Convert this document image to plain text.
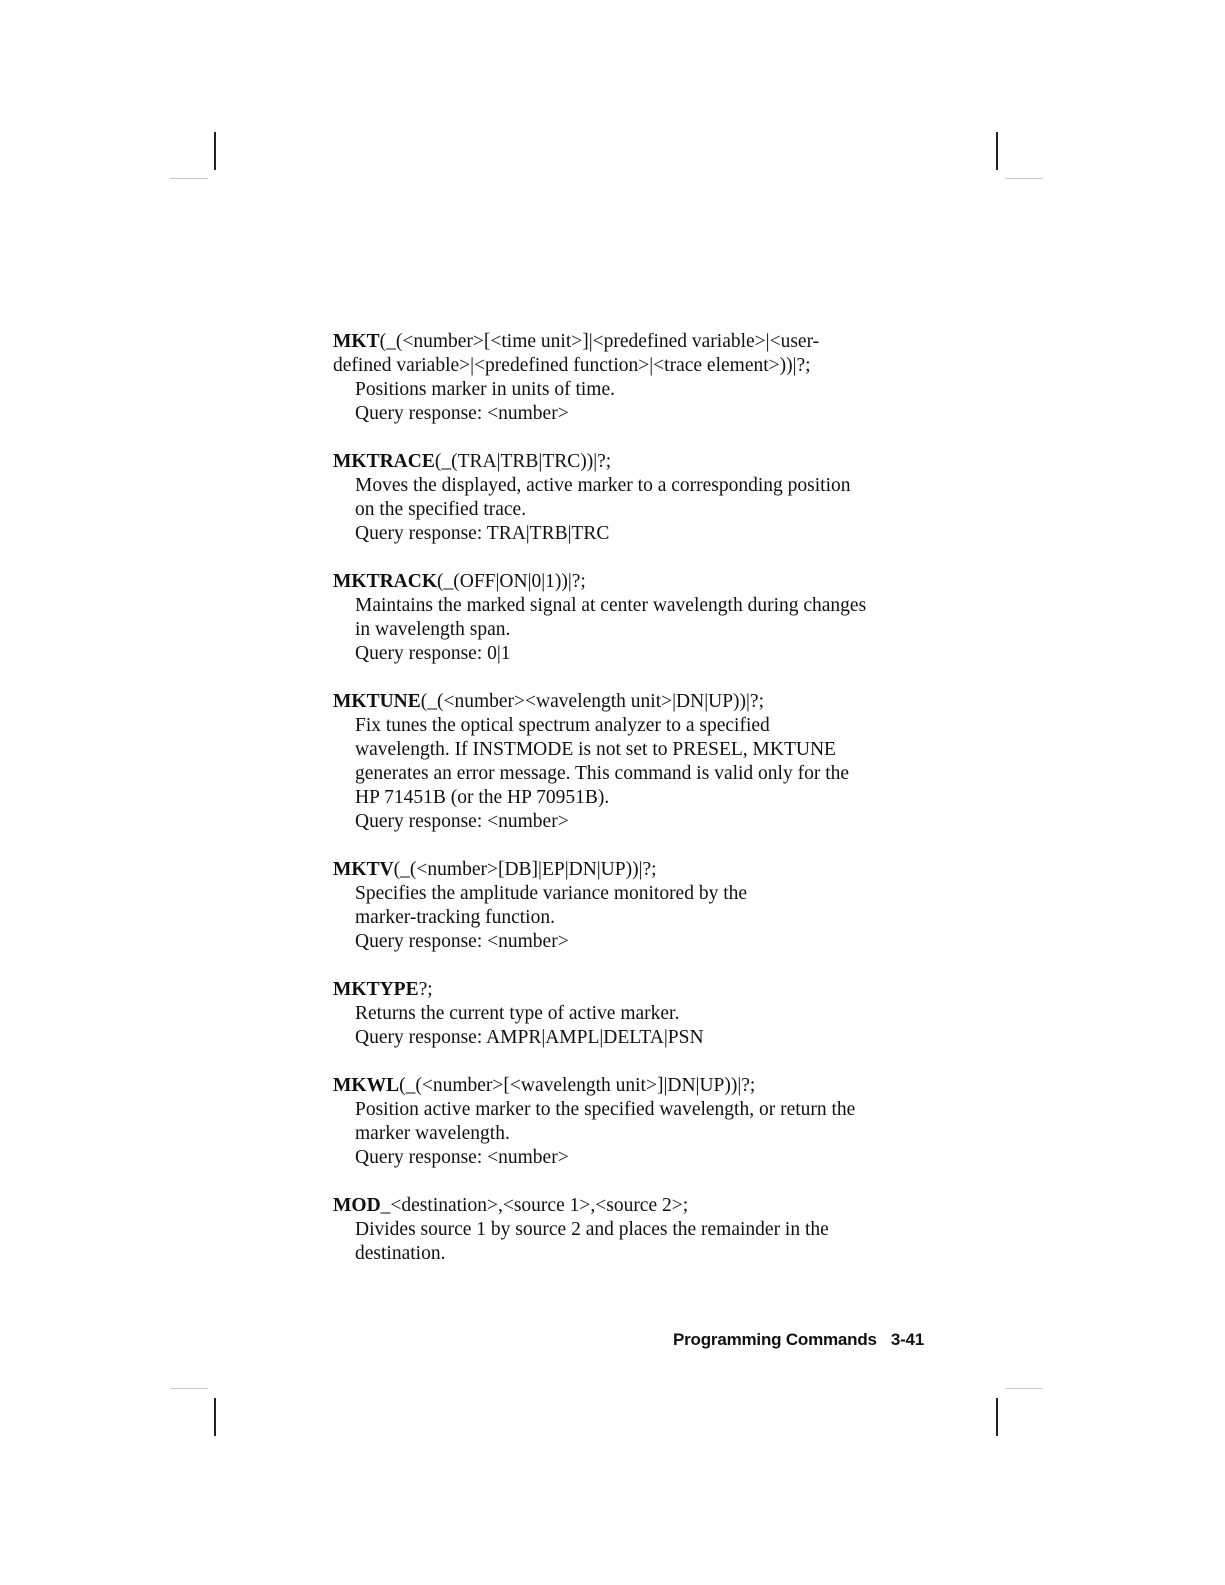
MKT(_(<number>[<time unit>]|<predefined variable>|<user-
defined variable>|<predefined function>|<trace element>))|?;
Positions marker in units of time.
Query response: <number>
MKTRACE(_(TRA|TRB|TRC))|?;
Moves the displayed, active marker to a corresponding position
on the specified trace.
Query response: TRA|TRB|TRC
MKTRACK(_(OFF|ON|0|1))|?;
Maintains the marked signal at center wavelength during changes
in wavelength span.
Query response: 0|1
MKTUNE(_(<number><wavelength unit>|DN|UP))|?;
Fix tunes the optical spectrum analyzer to a specified
wavelength. If INSTMODE is not set to PRESEL, MKTUNE
generates an error message. This command is valid only for the
HP 71451B (or the HP 70951B).
Query response: <number>
MKTV(_(<number>[DB]|EP|DN|UP))|?;
Specifies the amplitude variance monitored by the
marker-tracking function.
Query response: <number>
MKTYPE?;
Returns the current type of active marker.
Query response: AMPR|AMPL|DELTA|PSN
MKWL(_(<number>[<wavelength unit>]|DN|UP))|?;
Position active marker to the specified wavelength, or return the
marker wavelength.
Query response: <number>
MOD_<destination>,<source 1>,<source 2>;
Divides source 1 by source 2 and places the remainder in the
destination.
Programming Commands 3-41
